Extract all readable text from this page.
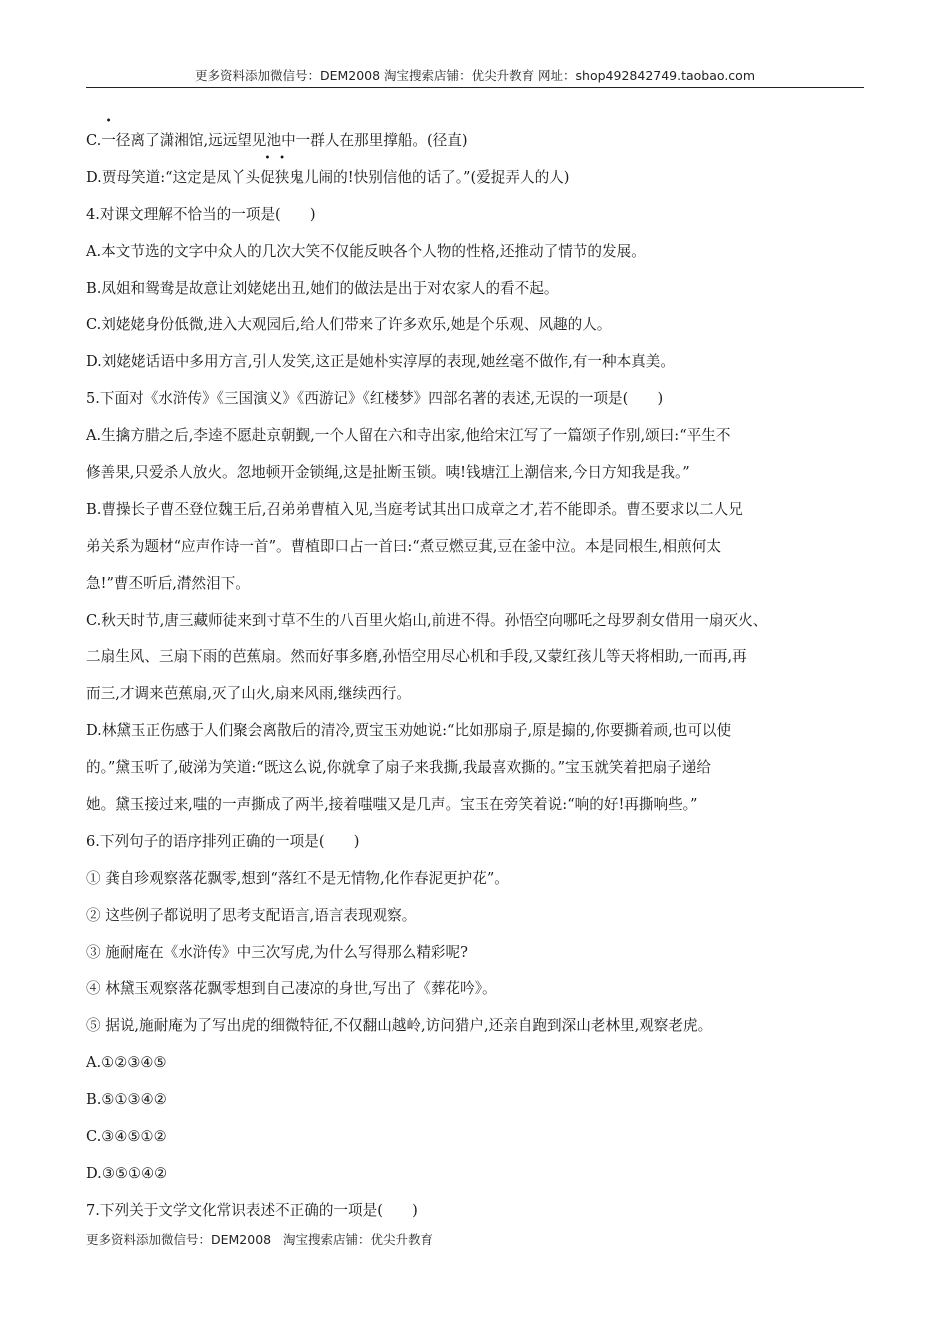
更多资料添加微信号：DEM2008 淘宝搜索店铺：优尖升教育 网址：shop492842749.taobao.com
C.一径离了潇湘馆,远远望见池中一群人在那里撑船。(径直)
D.贾母笑道:“这定是凤丫头促狭鬼儿闹的!快别信他的话了。”(爱捉弄人的人)
4.对课文理解不恰当的一项是(　　)
A.本文节选的文字中众人的几次大笑不仅能反映各个人物的性格,还推动了情节的发展。
B.凤姐和鸳鸯是故意让刘姥姥出丑,她们的做法是出于对农家人的看不起。
C.刘姥姥身份低微,进入大观园后,给人们带来了许多欢乐,她是个乐观、风趣的人。
D.刘姥姥话语中多用方言,引人发笑,这正是她朴实淳厚的表现,她丝毫不做作,有一种本真美。
5.下面对《水浒传》《三国演义》《西游记》《红楼梦》四部名著的表述,无误的一项是(　　)
A.生擒方腊之后,李逵不愿赴京朝觐,一个人留在六和寺出家,他给宋江写了一篇颂子作别,颂曰:“平生不
修善果,只爱杀人放火。忽地顿开金锁绳,这是扯断玉锁。咦!钱塘江上潮信来,今日方知我是我。”
B.曹操长子曹丕登位魏王后,召弟弟曹植入见,当庭考试其出口成章之才,若不能即杀。曹丕要求以二人兄
弟关系为题材“应声作诗一首”。曹植即口占一首曰:“煮豆燃豆萁,豆在釜中泣。本是同根生,相煎何太
急!”曹丕听后,潸然泪下。
C.秋天时节,唐三藏师徒来到寸草不生的八百里火焰山,前进不得。孙悟空向哪吒之母罗刹女借用一扇灭火、
二扇生风、三扇下雨的芭蕉扇。然而好事多磨,孙悟空用尽心机和手段,又蒙红孩儿等天将相助,一而再,再
而三,才调来芭蕉扇,灭了山火,扇来风雨,继续西行。
D.林黛玉正伤感于人们聚会离散后的清冷,贾宝玉劝她说:“比如那扇子,原是搧的,你要撕着顽,也可以使
的。”黛玉听了,破涕为笑道:“既这么说,你就拿了扇子来我撕,我最喜欢撕的。”宝玉就笑着把扇子递给
她。黛玉接过来,嗤的一声撕成了两半,接着嗤嗤又是几声。宝玉在旁笑着说:“响的好!再撕响些。”
6.下列句子的语序排列正确的一项是(　　)
① 龚自珍观察落花飘零,想到“落红不是无情物,化作春泥更护花”。
② 这些例子都说明了思考支配语言,语言表现观察。
③ 施耐庵在《水浒传》中三次写虎,为什么写得那么精彩呢?
④ 林黛玉观察落花飘零想到自己凄凉的身世,写出了《葬花吟》。
⑤ 据说,施耐庵为了写出虎的细微特征,不仅翻山越岭,访问猎户,还亲自跑到深山老林里,观察老虎。
A.①②③④⑤
B.⑤①③④②
C.③④⑤①②
D.③⑤①④②
7.下列关于文学文化常识表述不正确的一项是(　　)
更多资料添加微信号：DEM2008   淘宝搜索店铺：优尖升教育
